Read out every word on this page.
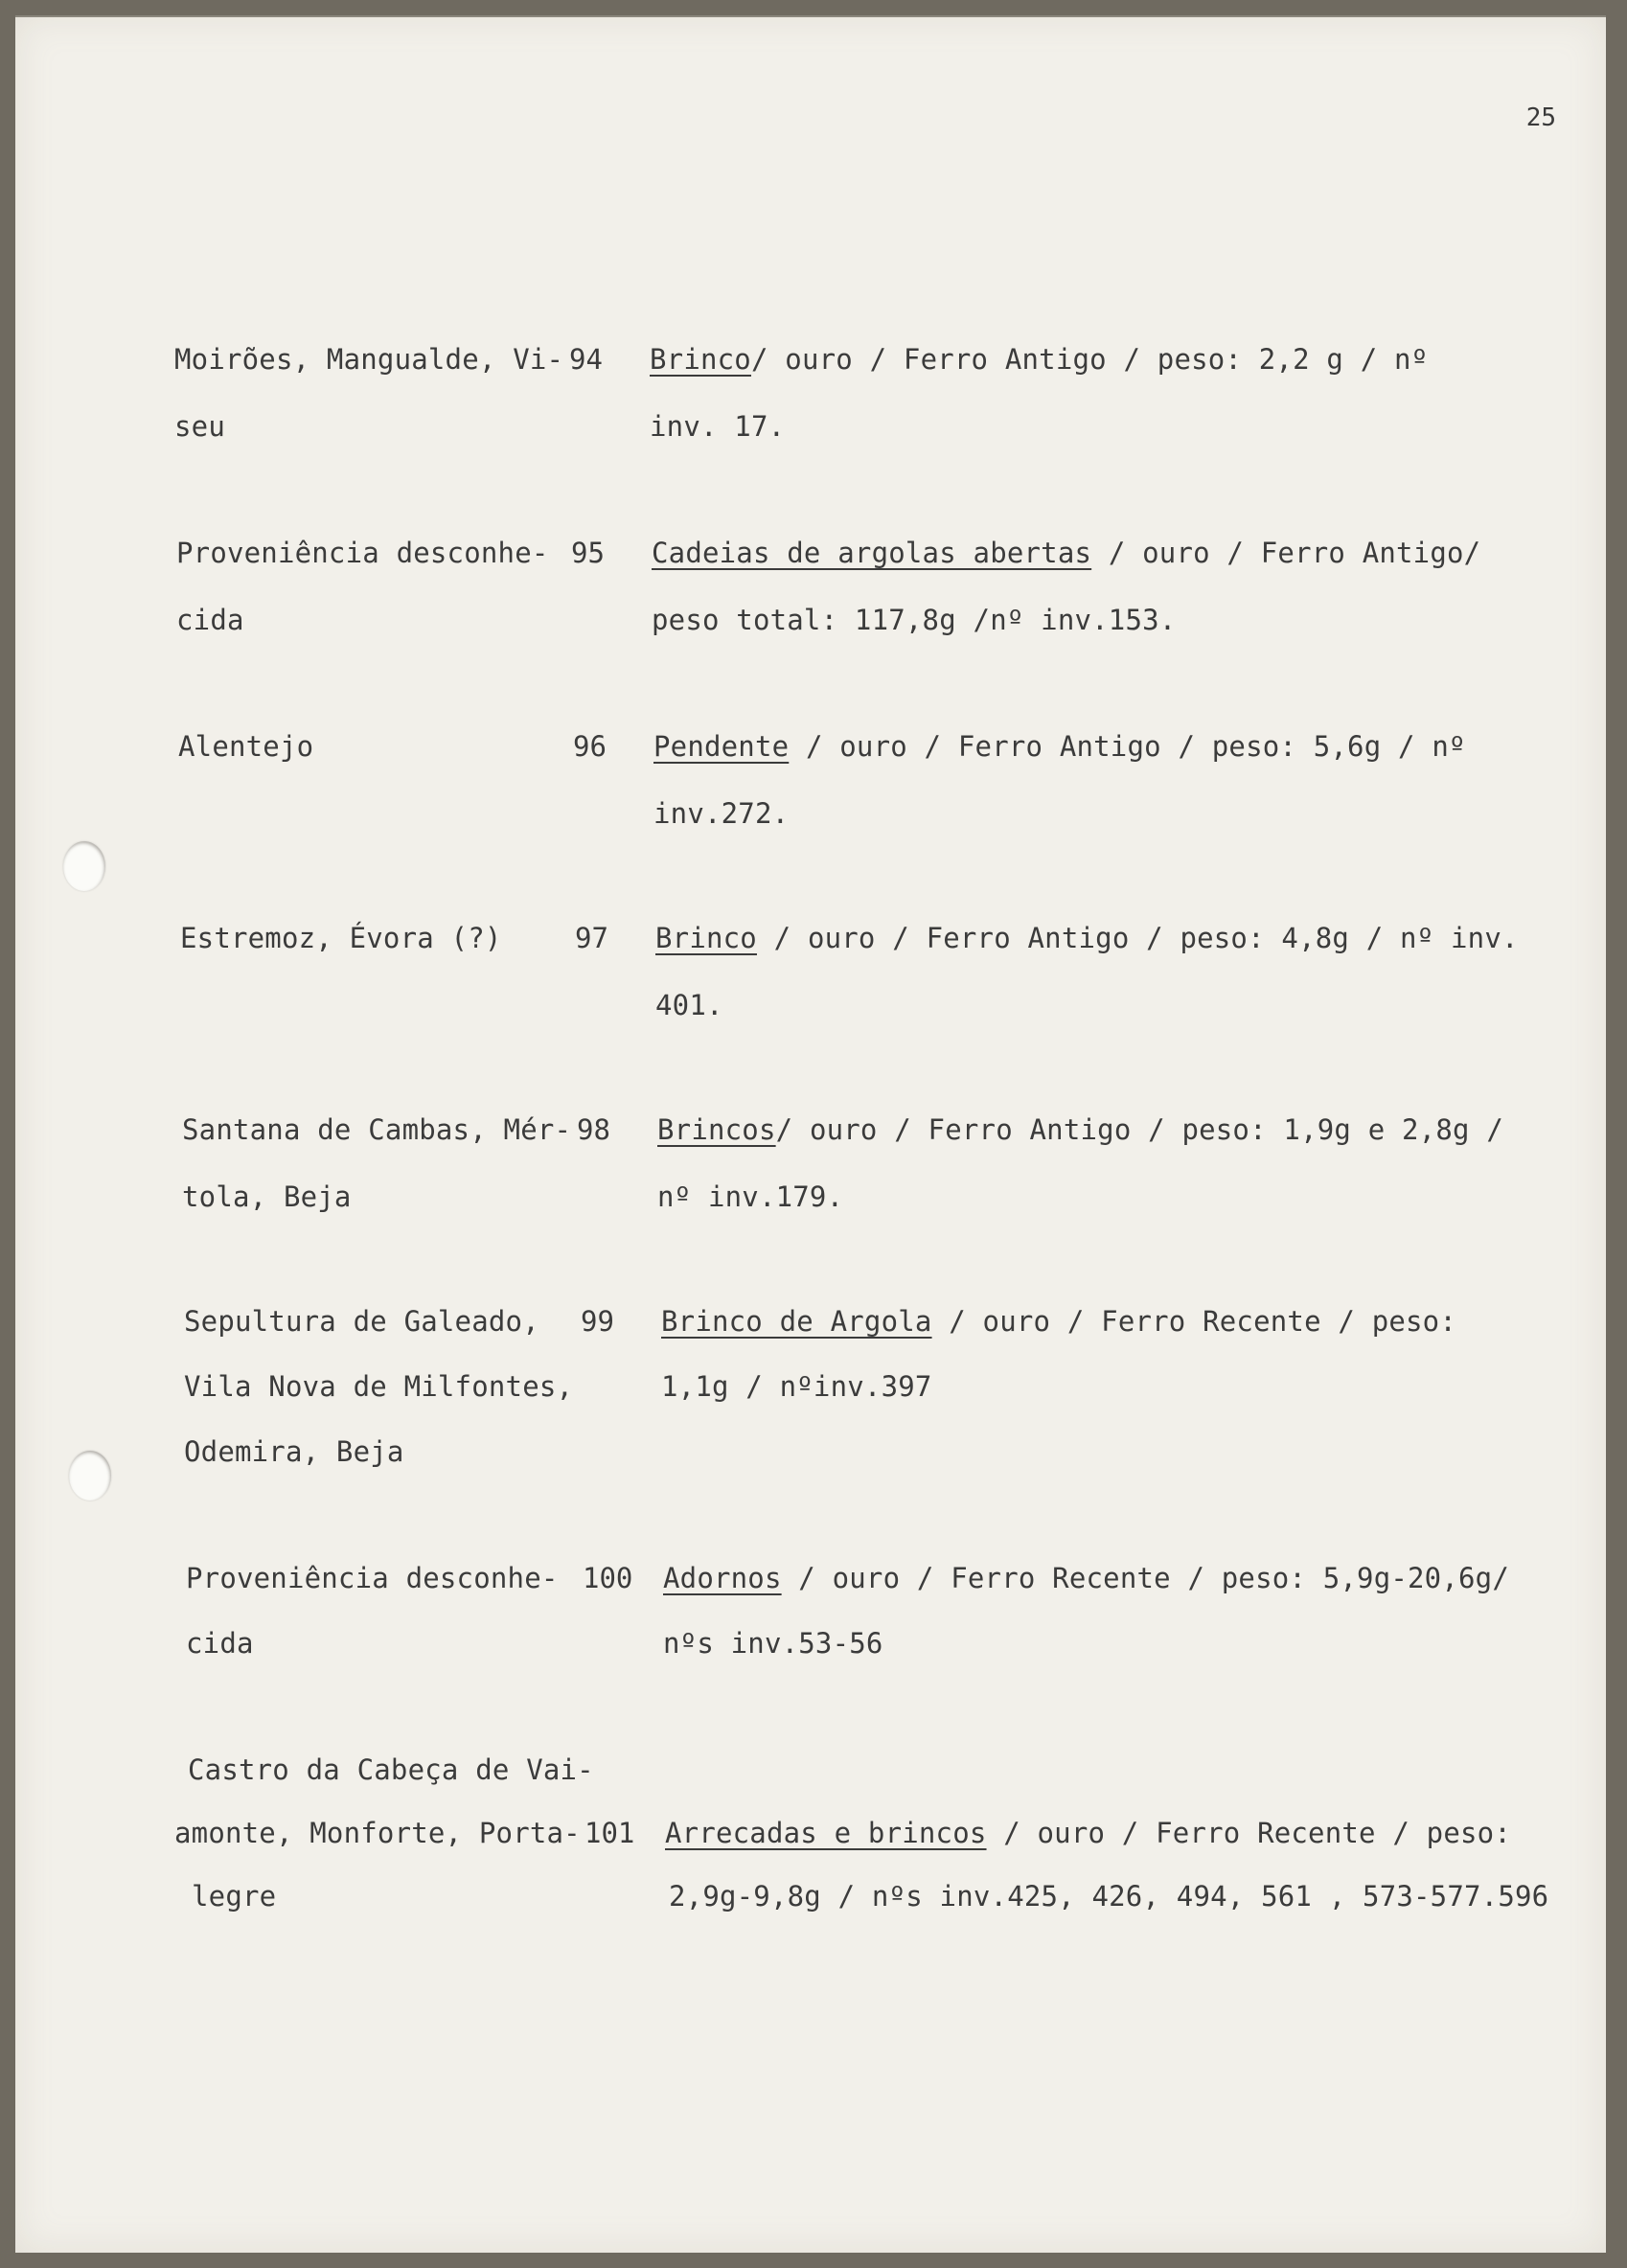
25
Moirões, Mangualde, Vi-
seu
94 Brinco/ ouro / Ferro Antigo / peso: 2,2 g / nº
inv. 17.
Proveniência desconhe-
cida
95 Cadeias de argolas abertas / ouro / Ferro Antigo/
peso total: 117,8g /nº inv.153.
Alentejo	96 Pendente / ouro / Ferro Antigo / peso: 5,6g / nº
inv.272.
Estremoz, Évora (?)	97 Brinco / ouro / Ferro Antigo / peso: 4,8g / nº inv.
401.
Santana de Cambas, Mér-
tola, Beja
98 Brincos/ ouro / Ferro Antigo / peso: 1,9g e 2,8g /
nº inv.179.
Sepultura de Galeado,
Vila Nova de Milfontes,
Odemira, Beja
99 Brinco de Argola / ouro / Ferro Recente / peso:
1,1g / nºinv.397
Proveniência desconhe-
cida
100 Adornos / ouro / Ferro Recente / peso: 5,9g-20,6g/
nºs inv.53-56
Castro da Cabeça de Vai-
amonte, Monforte, Porta-
legre
101 Arrecadas e brincos / ouro / Ferro Recente / peso:
2,9g-9,8g / nºs inv.425, 426, 494, 561 , 573-577.596
